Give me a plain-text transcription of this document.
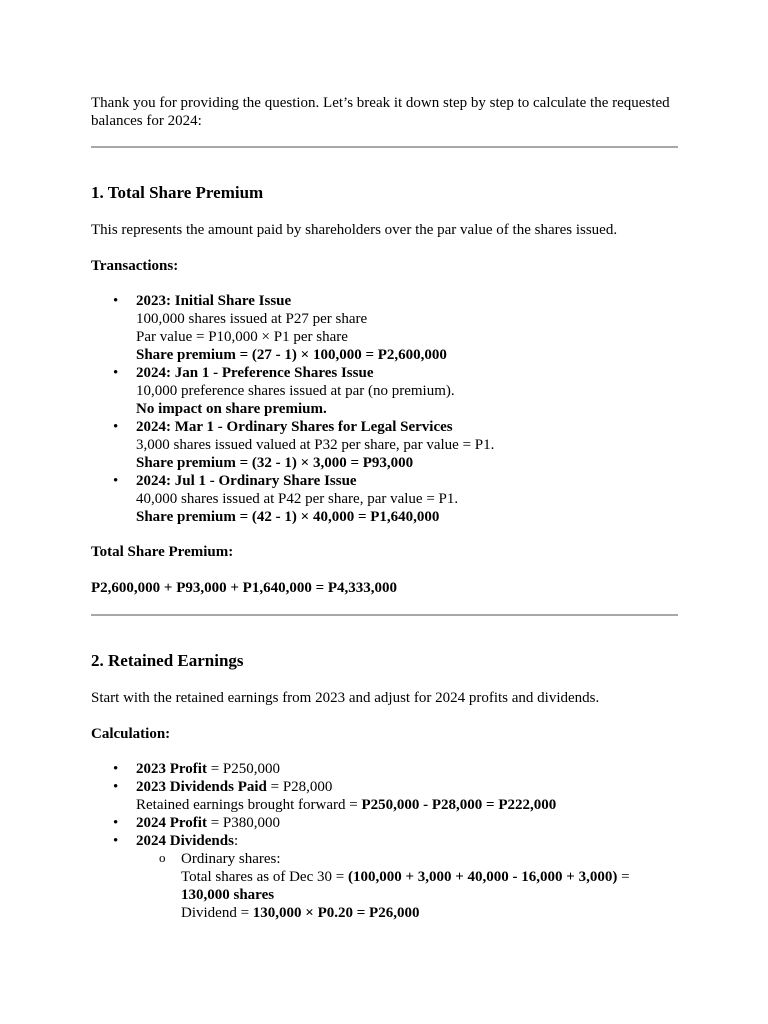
Thank you for providing the question. Let’s break it down step by step to calculate the requested balances for 2024:

1. Total Share Premium

This represents the amount paid by shareholders over the par value of the shares issued.

Transactions:

• 2023: Initial Share Issue
100,000 shares issued at P27 per share
Par value = P10,000 × P1 per share
Share premium = (27 - 1) × 100,000 = P2,600,000
• 2024: Jan 1 - Preference Shares Issue
10,000 preference shares issued at par (no premium).
No impact on share premium.
• 2024: Mar 1 - Ordinary Shares for Legal Services
3,000 shares issued valued at P32 per share, par value = P1.
Share premium = (32 - 1) × 3,000 = P93,000
• 2024: Jul 1 - Ordinary Share Issue
40,000 shares issued at P42 per share, par value = P1.
Share premium = (42 - 1) × 40,000 = P1,640,000

Total Share Premium:

P2,600,000 + P93,000 + P1,640,000 = P4,333,000

2. Retained Earnings

Start with the retained earnings from 2023 and adjust for 2024 profits and dividends.

Calculation:

• 2023 Profit = P250,000
• 2023 Dividends Paid = P28,000
Retained earnings brought forward = P250,000 - P28,000 = P222,000
• 2024 Profit = P380,000
• 2024 Dividends:
o Ordinary shares:
Total shares as of Dec 30 = (100,000 + 3,000 + 40,000 - 16,000 + 3,000) = 130,000 shares
Dividend = 130,000 × P0.20 = P26,000
